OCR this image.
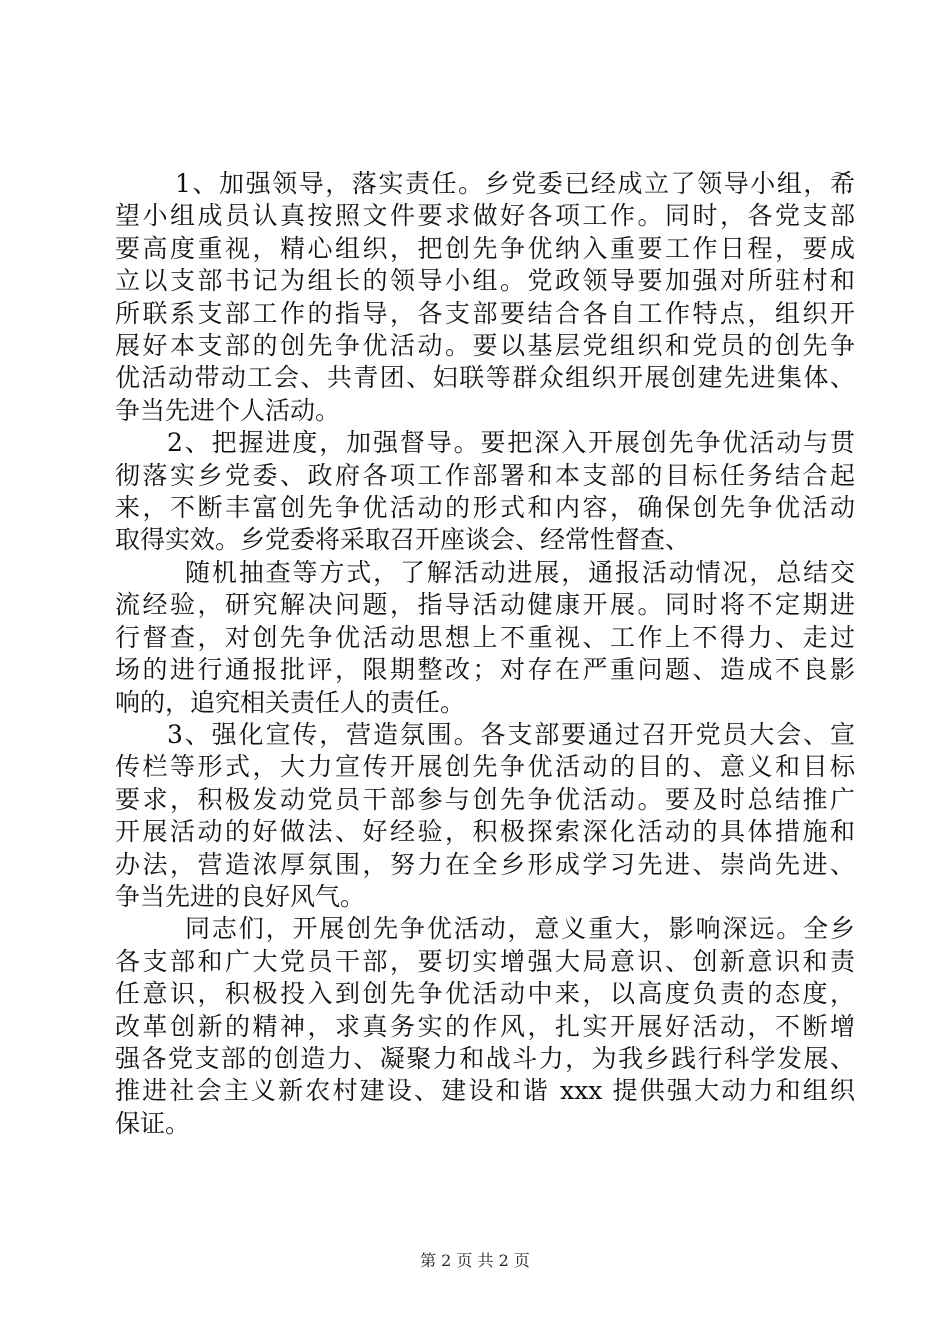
1、加强领导，落实责任。乡党委已经成立了领导小组，希
望小组成员认真按照文件要求做好各项工作。同时，各党支部
要高度重视，精心组织，把创先争优纳入重要工作日程，要成
立以支部书记为组长的领导小组。党政领导要加强对所驻村和
所联系支部工作的指导，各支部要结合各自工作特点，组织开
展好本支部的创先争优活动。要以基层党组织和党员的创先争
优活动带动工会、共青团、妇联等群众组织开展创建先进集体、
争当先进个人活动。
2、把握进度，加强督导。要把深入开展创先争优活动与贯
彻落实乡党委、政府各项工作部署和本支部的目标任务结合起
来，不断丰富创先争优活动的形式和内容，确保创先争优活动
取得实效。乡党委将采取召开座谈会、经常性督查、
随机抽查等方式，了解活动进展，通报活动情况，总结交
流经验，研究解决问题，指导活动健康开展。同时将不定期进
行督查，对创先争优活动思想上不重视、工作上不得力、走过
场的进行通报批评，限期整改；对存在严重问题、造成不良影
响的，追究相关责任人的责任。
3、强化宣传，营造氛围。各支部要通过召开党员大会、宣
传栏等形式，大力宣传开展创先争优活动的目的、意义和目标
要求，积极发动党员干部参与创先争优活动。要及时总结推广
开展活动的好做法、好经验，积极探索深化活动的具体措施和
办法，营造浓厚氛围，努力在全乡形成学习先进、崇尚先进、
争当先进的良好风气。
同志们，开展创先争优活动，意义重大，影响深远。全乡
各支部和广大党员干部，要切实增强大局意识、创新意识和责
任意识，积极投入到创先争优活动中来，以高度负责的态度，
改革创新的精神，求真务实的作风，扎实开展好活动，不断增
强各党支部的创造力、凝聚力和战斗力，为我乡践行科学发展、
推进社会主义新农村建设、建设和谐 xxx 提供强大动力和组织
保证。
第 2 页 共 2 页
